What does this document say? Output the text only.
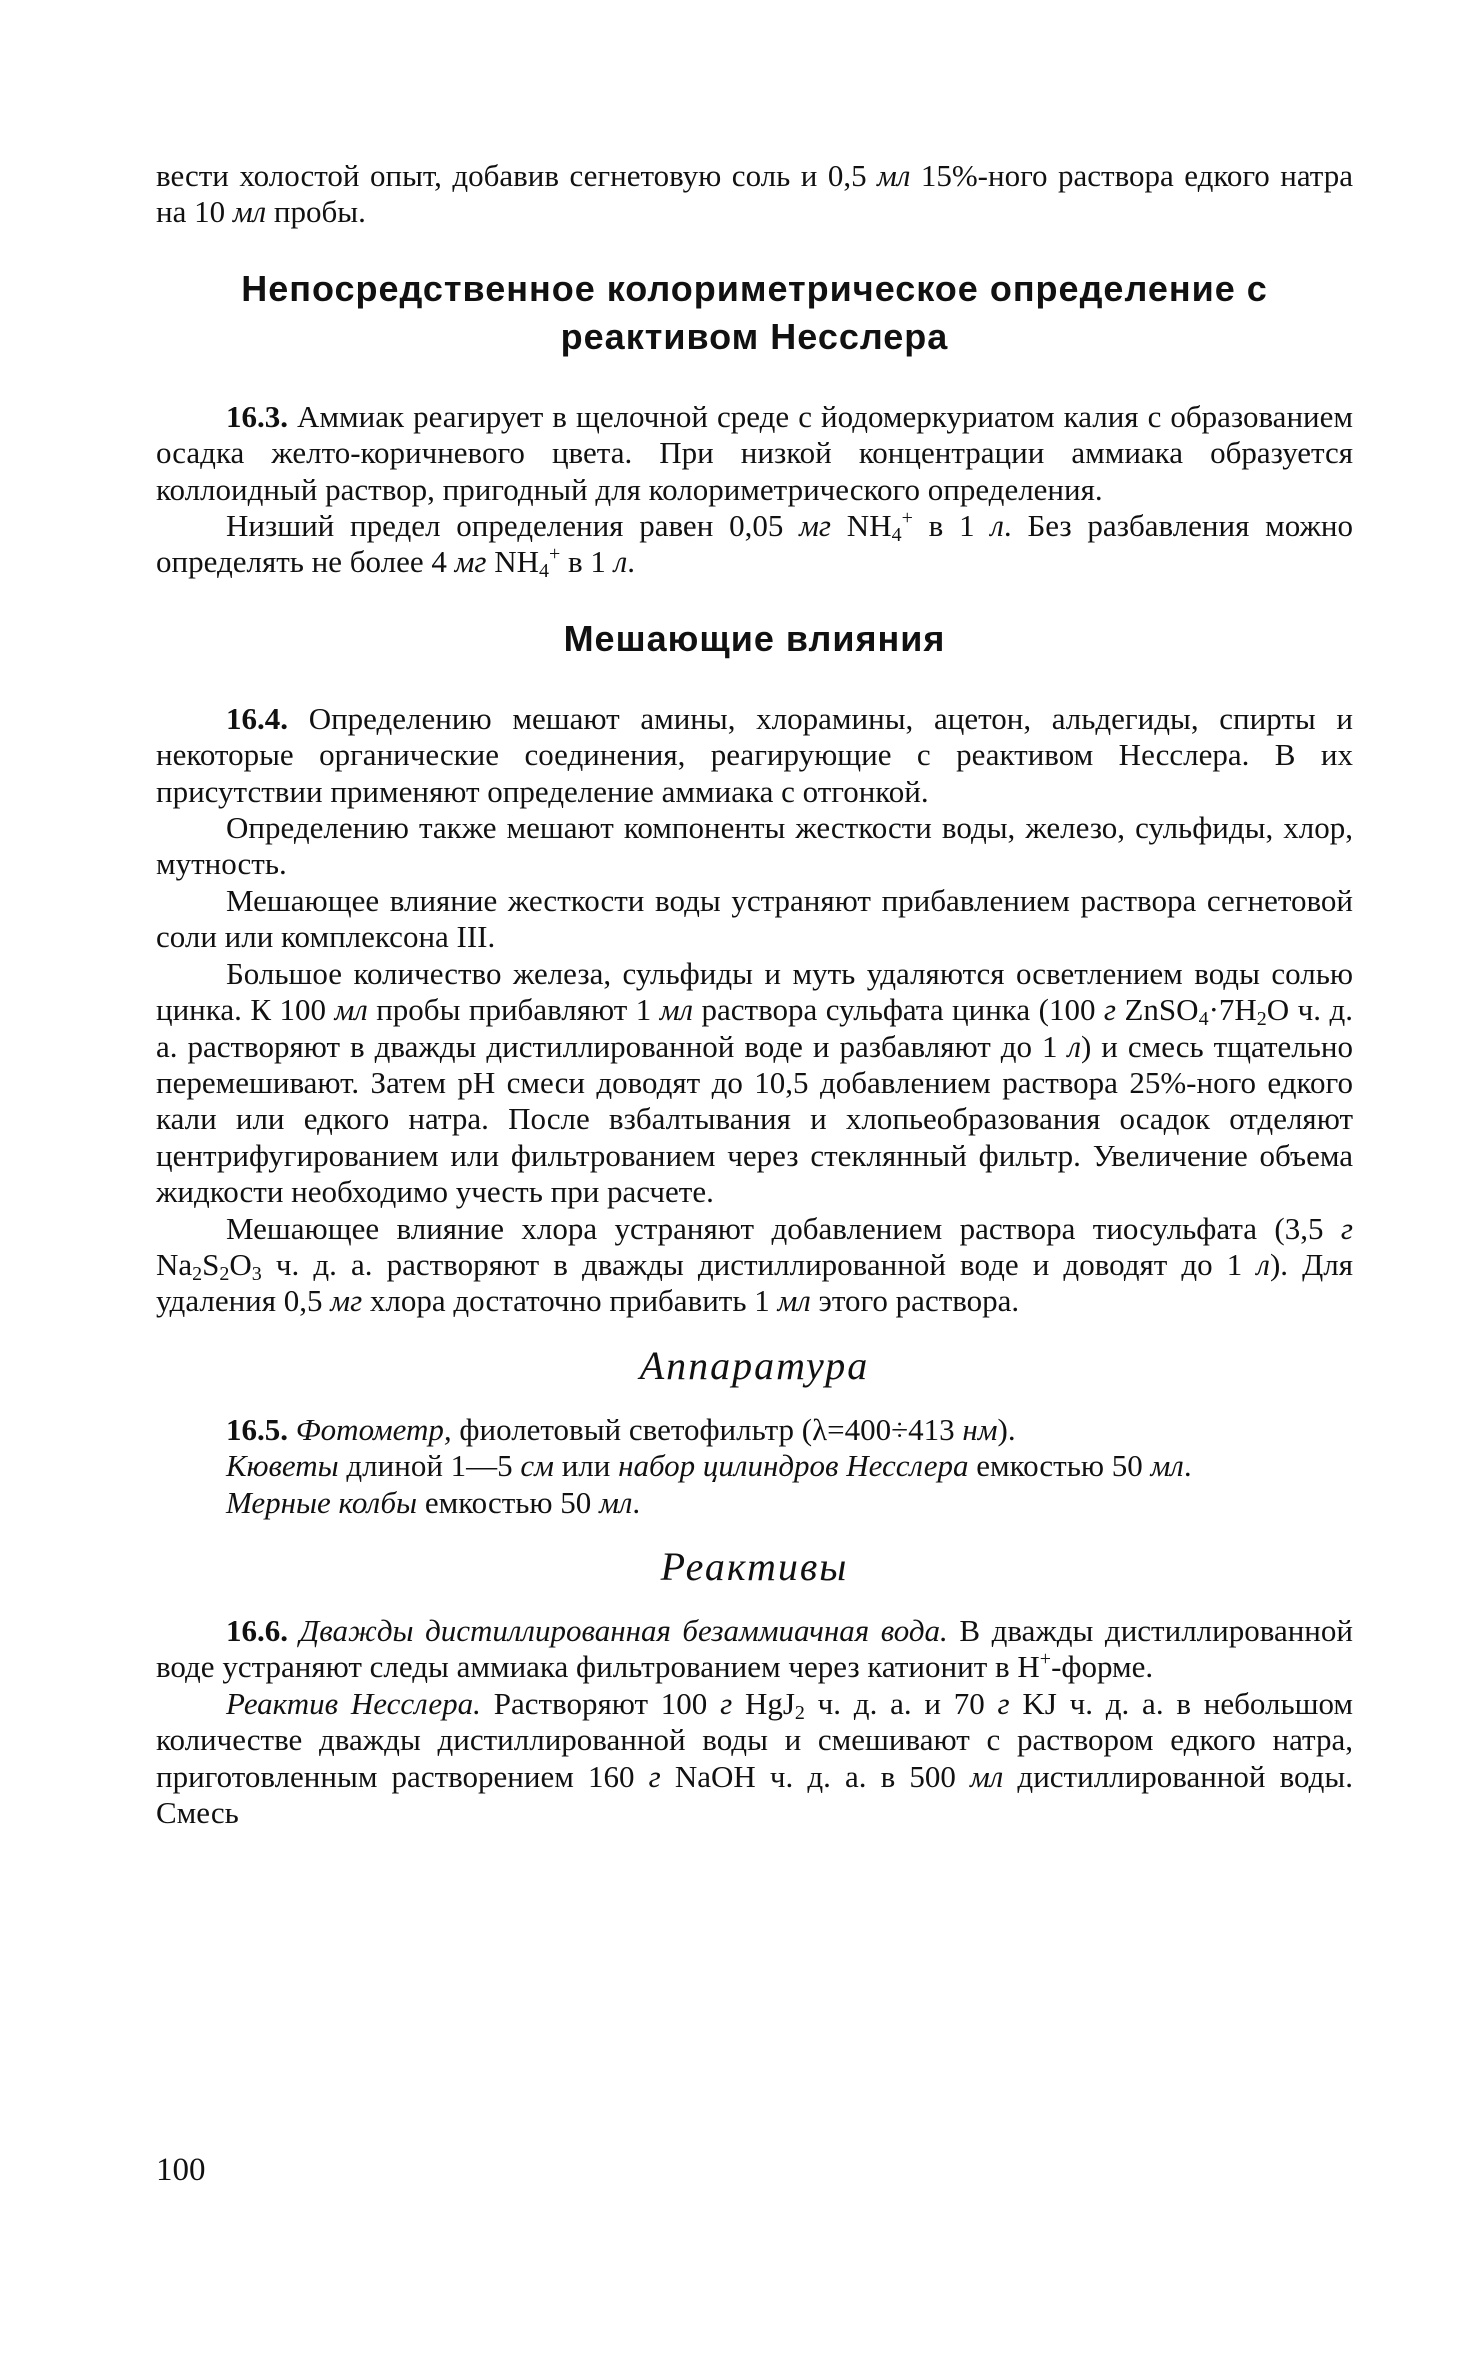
вести холостой опыт, добавив сегнетовую соль и 0,5 мл 15%-ного раствора едкого натра на 10 мл пробы.

Непосредственное колориметрическое определение с реактивом Несслера

16.3. Аммиак реагирует в щелочной среде с йодомеркуриатом калия с образованием осадка желто-коричневого цвета. При низкой концентрации аммиака образуется коллоидный раствор, пригодный для колориметрического определения.

Низший предел определения равен 0,05 мг $NH_4^+$ в 1 л. Без разбавления можно определять не более 4 мг $NH_4^+$ в 1 л.

Мешающие влияния

16.4. Определению мешают амины, хлорамины, ацетон, альдегиды, спирты и некоторые органические соединения, реагирующие с реактивом Несслера. В их присутствии применяют определение аммиака с отгонкой.

Определению также мешают компоненты жесткости воды, железо, сульфиды, хлор, мутность.

Мешающее влияние жесткости воды устраняют прибавлением раствора сегнетовой соли или комплексона III.

Большое количество железа, сульфиды и муть удаляются осветлением воды солью цинка. К 100 мл пробы прибавляют 1 мл раствора сульфата цинка (100 г $ZnSO_4\cdot 7H_2O$ ч. д. а. растворяют в дважды дистиллированной воде и разбавляют до 1 л) и смесь тщательно перемешивают. Затем pH смеси доводят до 10,5 добавлением раствора 25%-ного едкого кали или едкого натра. После взбалтывания и хлопьеобразования осадок отделяют центрифугированием или фильтрованием через стеклянный фильтр. Увеличение объема жидкости необходимо учесть при расчете.

Мешающее влияние хлора устраняют добавлением раствора тиосульфата (3,5 г $Na_2S_2O_3$ ч. д. а. растворяют в дважды дистиллированной воде и доводят до 1 л). Для удаления 0,5 мг хлора достаточно прибавить 1 мл этого раствора.

Аппаратура

16.5. Фотометр, фиолетовый светофильтр (λ=400÷413 нм).

Кюветы длиной 1—5 см или набор цилиндров Несслера емкостью 50 мл.

Мерные колбы емкостью 50 мл.

Реактивы

16.6. Дважды дистиллированная безаммиачная вода. В дважды дистиллированной воде устраняют следы аммиака фильтрованием через катионит в H+-форме.

Реактив Несслера. Растворяют 100 г HgJ$_2$ ч. д. а. и 70 г KJ ч. д. а. в небольшом количестве дважды дистиллированной воды и смешивают с раствором едкого натра, приготовленным растворением 160 г NaOH ч. д. а. в 500 мл дистиллированной воды. Смесь

100
